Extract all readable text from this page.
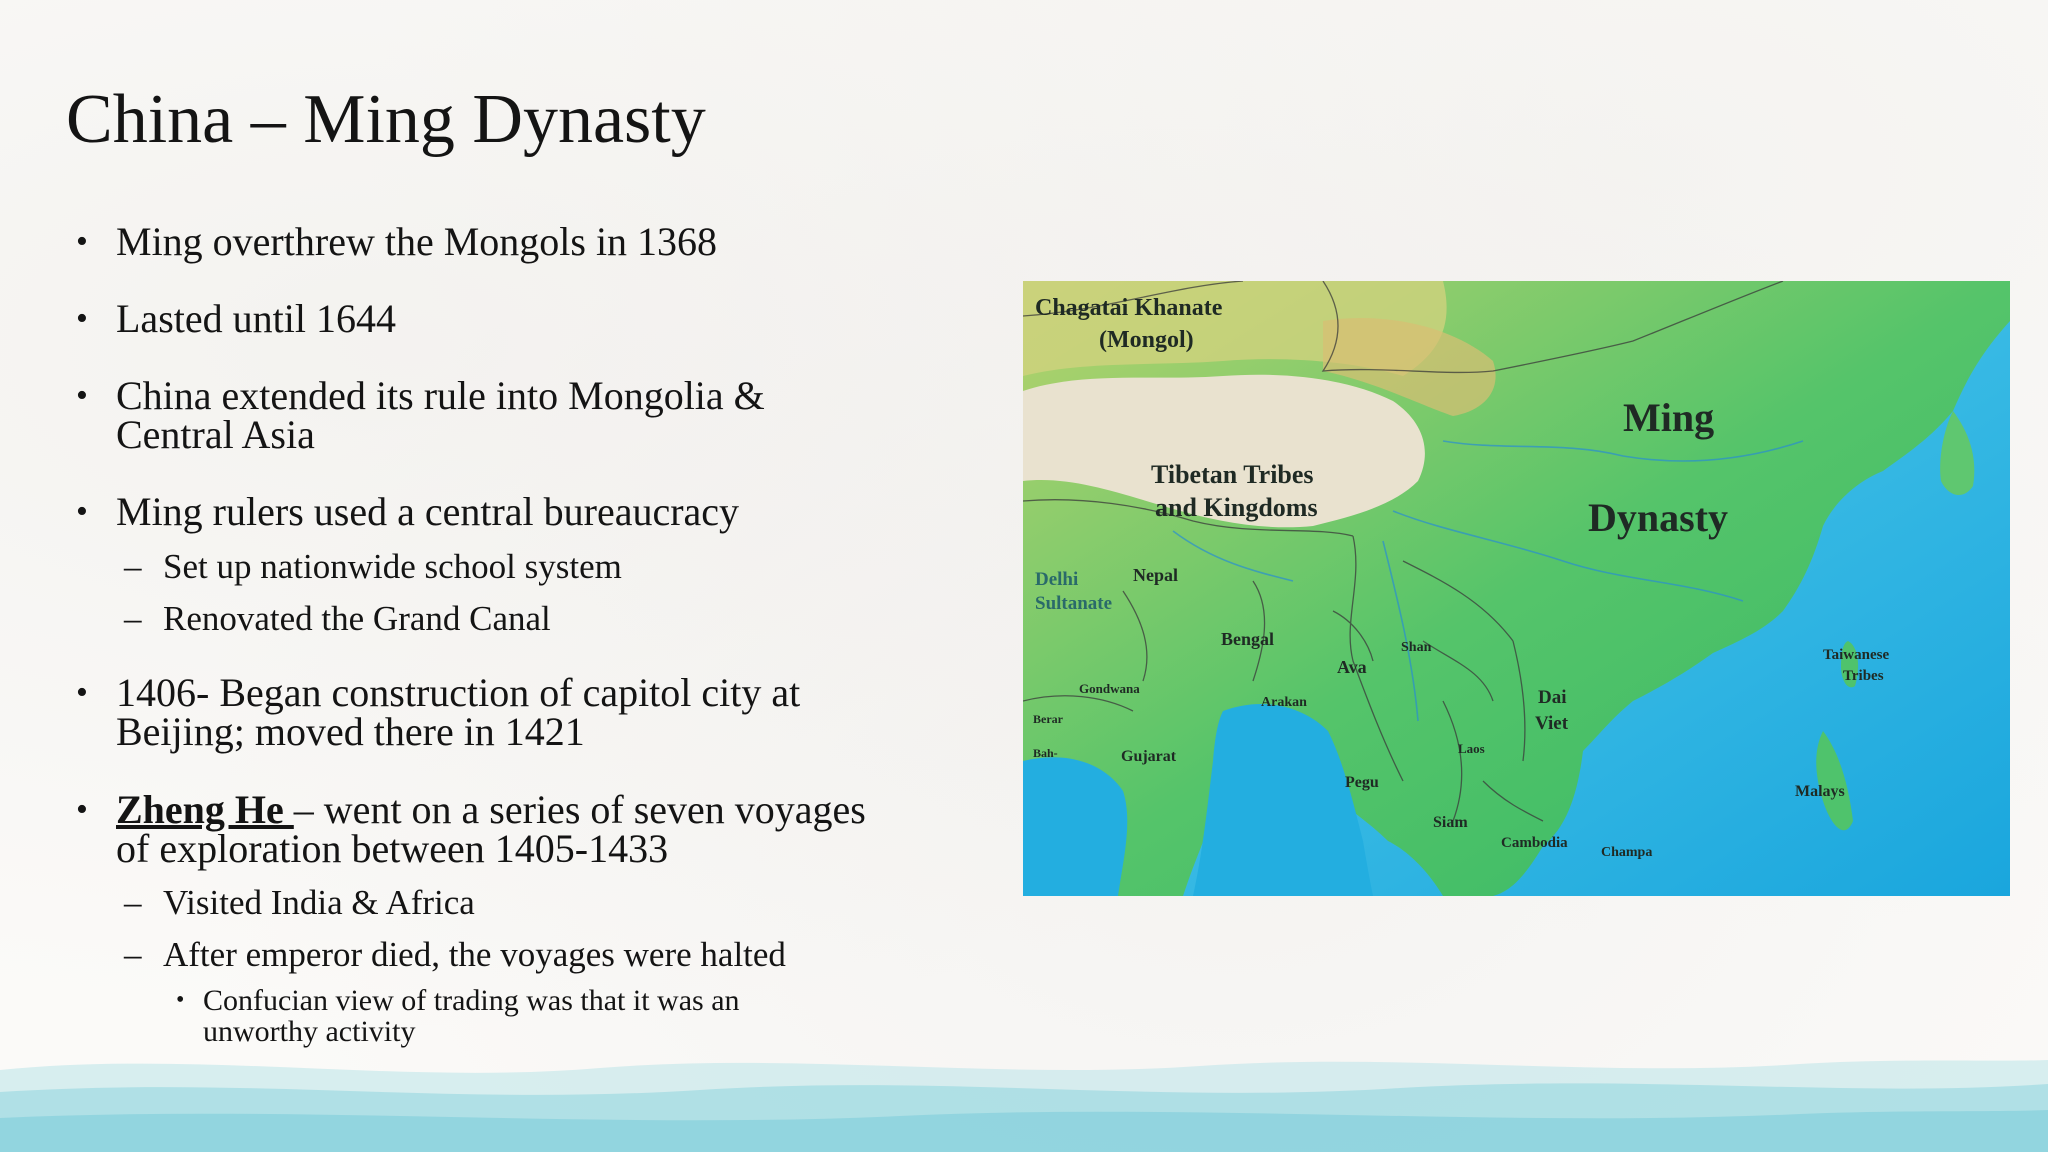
China – Ming Dynasty
• Ming overthrew the Mongols in 1368
• Lasted until 1644
• China extended its rule into Mongolia &
Central Asia
• Ming rulers used a central bureaucracy
– Set up nationwide school system
– Renovated the Grand Canal
• 1406- Began construction of capitol city at
Beijing; moved there in 1421
• Zheng He – went on a series of seven voyages
of exploration between 1405-1433
– Visited India & Africa
– After emperor died, the voyages were halted
• Confucian view of trading was that it was an
unworthy activity
Chagatai Khanate
(Mongol)
Tibetan Tribes
and Kingdoms
Ming
Dynasty
Delhi
Sultanate
Nepal
Bengal	Shan
Ava
Arakan
Gondwana
Berar
Bah-	Gujarat
Pegu
Dai
Viet
Laos
Siam
Cambodia
Champa
Taiwanese
Tribes
Malays
